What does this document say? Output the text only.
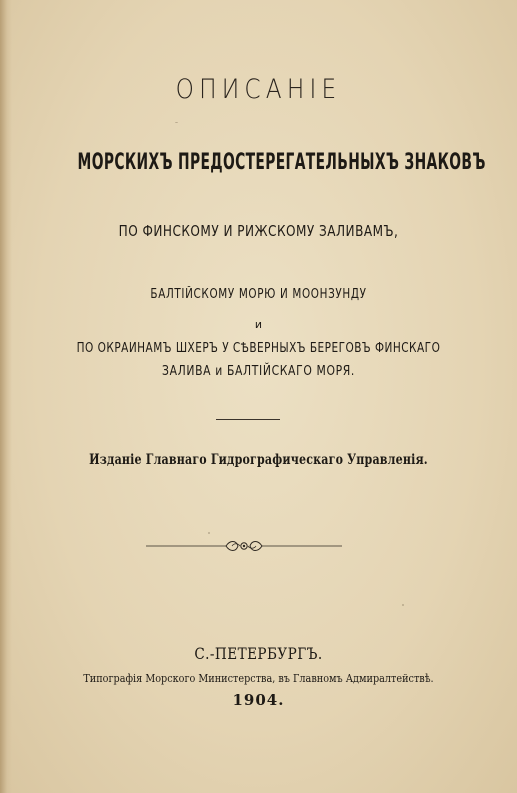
ОПИСАНІЕ
МОРСКИХЪ ПРЕДОСТЕРЕГАТЕЛЬНЫХЪ ЗНАКОВЪ
ПО ФИНСКОМУ И РИЖСКОМУ ЗАЛИВАМЪ,
БАЛТІЙСКОМУ МОРЮ И МООНЗУНДУ
и
ПО ОКРАИНАМЪ ШХЕРЪ У СѢВЕРНЫХЪ БЕРЕГОВЪ ФИНСКАГО
ЗАЛИВА и БАЛТІЙСКАГО МОРЯ.
Изданіе Главнаго Гидрографическаго Управленія.
С.-ПЕТЕРБУРГЪ.
Типографія Морского Министерства, въ Главномъ Адмиралтействѣ.
1904.
